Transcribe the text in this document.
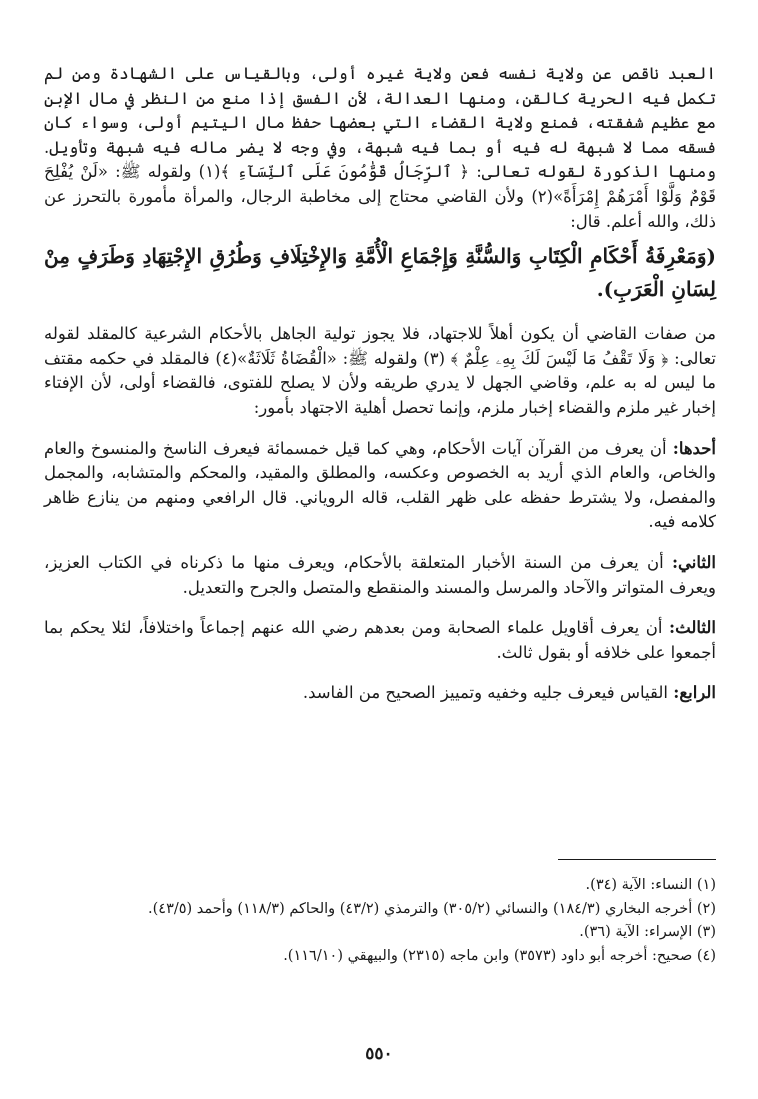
العبد ناقص عن ولاية نفسه فعن ولاية غيره أولى، وبالقياس على الشهادة ومن لم تكمل فيه الحرية كالقن، ومنها العدالة، لأن الفسق إذا منع من النظر في مال الإبن مع عظيم شفقته، فمنع ولاية القضاء التي بعضها حفظ مال اليتيم أولى، وسواء كان فسقه مما لا شبهة له فيه أو بما فيه شبهة، وفي وجه لا يضر ماله فيه شبهة وتأويل. ومنها الذكورة لقوله تعالى: ﴿ ٱلرِّجَالُ قَوَّٰمُونَ عَلَى ٱلنِّسَآءِ ﴾(١) ولقوله ﷺ: «لَنْ يُفْلِحَ قَوْمٌ وَلَّوْا أَمْرَهُمْ إِمْرَأَةً»(٢) ولأن القاضي محتاج إلى مخاطبة الرجال، والمرأة مأمورة بالتحرز عن ذلك، والله أعلم. قال:

(وَمَعْرِفَةُ أَحْكَامِ الْكِتَابِ وَالسُّنَّةِ وَإِجْمَاعِ الْأُمَّةِ وَالإِخْتِلَافِ وَطُرُقِ الإِجْتِهَادِ وَطَرَفٍ مِنْ لِسَانِ الْعَرَبِ).

من صفات القاضي أن يكون أهلاً للاجتهاد، فلا يجوز تولية الجاهل بالأحكام الشرعية كالمقلد لقوله تعالى: ﴿ وَلَا تَقْفُ مَا لَيْسَ لَكَ بِهِۦ عِلْمٌ ﴾ (٣) ولقوله ﷺ: «الْقُضَاةُ ثَلَاثَةٌ»(٤) فالمقلد في حكمه مقتف ما ليس له به علم، وقاضي الجهل لا يدري طريقه ولأن لا يصلح للفتوى، فالقضاء أولى، لأن الإفتاء إخبار غير ملزم والقضاء إخبار ملزم، وإنما تحصل أهلية الاجتهاد بأمور:

أحدها: أن يعرف من القرآن آيات الأحكام، وهي كما قيل خمسمائة فيعرف الناسخ والمنسوخ والعام والخاص، والعام الذي أريد به الخصوص وعكسه، والمطلق والمقيد، والمحكم والمتشابه، والمجمل والمفصل، ولا يشترط حفظه على ظهر القلب، قاله الروياني. قال الرافعي ومنهم من ينازع ظاهر كلامه فيه.

الثاني: أن يعرف من السنة الأخبار المتعلقة بالأحكام، ويعرف منها ما ذكرناه في الكتاب العزيز، ويعرف المتواتر والآحاد والمرسل والمسند والمنقطع والمتصل والجرح والتعديل.

الثالث: أن يعرف أقاويل علماء الصحابة ومن بعدهم رضي الله عنهم إجماعاً واختلافاً، لئلا يحكم بما أجمعوا على خلافه أو بقول ثالث.

الرابع: القياس فيعرف جليه وخفيه وتمييز الصحيح من الفاسد.

(١) النساء: الآية (٣٤).

(٢) أخرجه البخاري (١٨٤/٣) والنسائي (٣٠٥/٢) والترمذي (٤٣/٢) والحاكم (١١٨/٣) وأحمد (٤٣/٥).

(٣) الإسراء: الآية (٣٦).

(٤) صحيح: أخرجه أبو داود (٣٥٧٣) وابن ماجه (٢٣١٥) والبيهقي (١١٦/١٠).

٥٥٠
